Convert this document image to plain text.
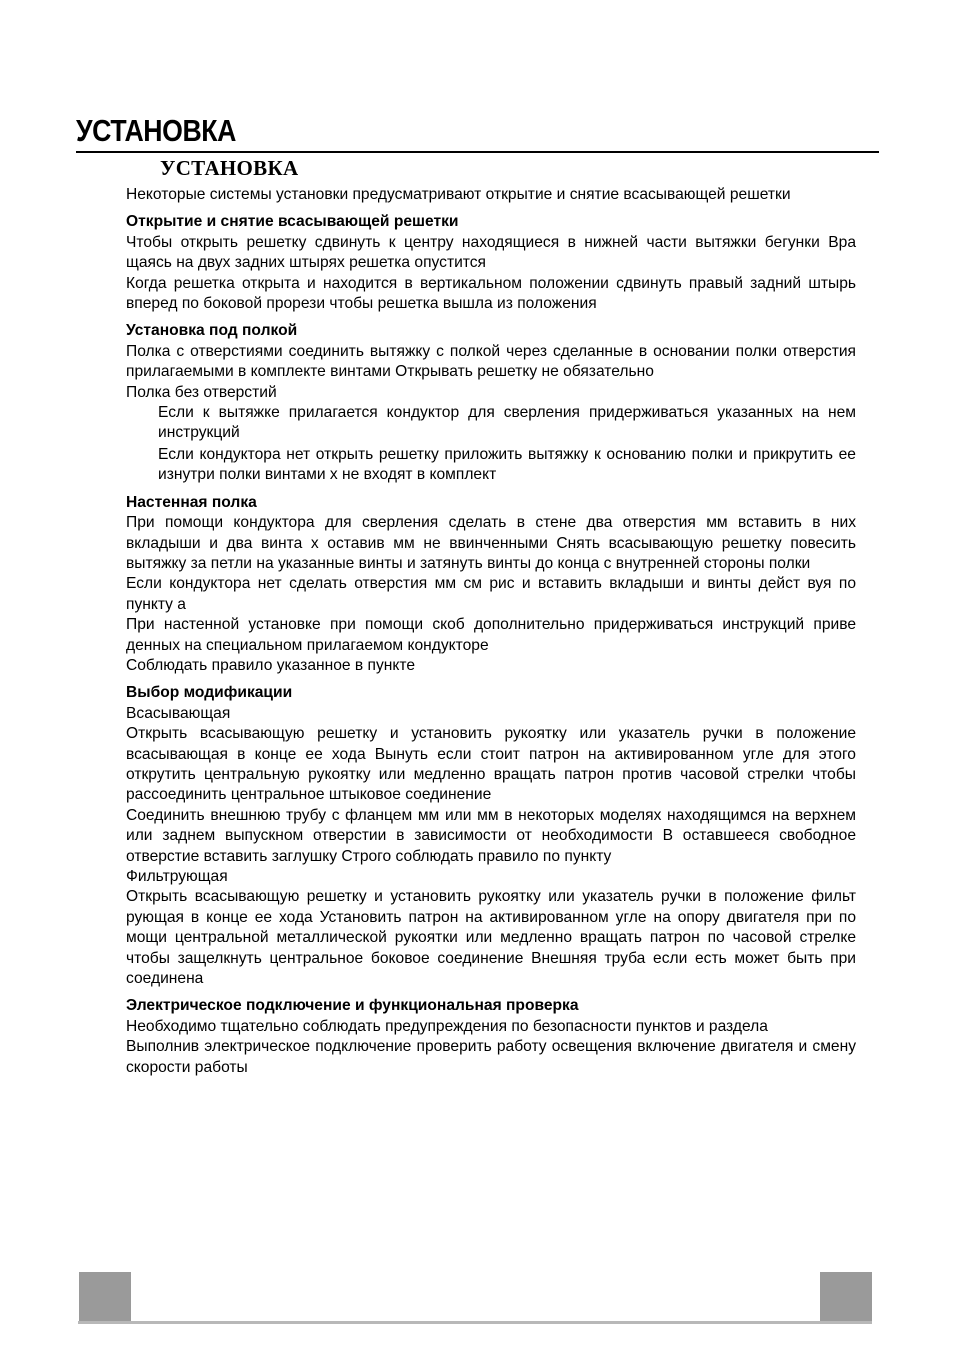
УСТАНОВКА
УСТАНОВКА

Некоторые системы установки предусматривают открытие и снятие всасывающей решетки

Открытие и снятие всасывающей решетки

Чтобы открыть решетку сдвинуть к центру находящиеся в нижней части вытяжки бегунки Вра щаясь на двух задних штырях решетка опустится

Когда решетка открыта и находится в вертикальном положении сдвинуть правый задний штырь вперед по боковой прорези чтобы решетка вышла из положения

Установка под полкой

Полка с отверстиями соединить вытяжку с полкой через сделанные в основании полки отверстия прилагаемыми в комплекте винтами Открывать решетку не обязательно

Полка без отверстий

Если к вытяжке прилагается кондуктор для сверления придерживаться указанных на нем инструкций

Если кондуктора нет открыть решетку приложить вытяжку к основанию полки и прикрутить ее изнутри полки винтами х не входят в комплект

Настенная полка

При помощи кондуктора для сверления сделать в стене два отверстия мм вставить в них вкладыши и два винта х оставив мм не ввинченными Снять всасывающую решетку повесить вытяжку за петли на указанные винты и затянуть винты до конца с внутренней стороны полки

Если кондуктора нет сделать отверстия мм см рис и вставить вкладыши и винты дейст вуя по пункту а

При настенной установке при помощи скоб дополнительно придерживаться инструкций приве денных на специальном прилагаемом кондукторе

Соблюдать правило указанное в пункте

Выбор модификации

Всасывающая

Открыть всасывающую решетку и установить рукоятку или указатель ручки в положение всасывающая в конце ее хода Вынуть если стоит патрон на активированном угле для этого открутить центральную рукоятку или медленно вращать патрон против часовой стрелки чтобы рассоединить центральное штыковое соединение

Соединить внешнюю трубу с фланцем мм или мм в некоторых моделях находящимся на верхнем или заднем выпускном отверстии в зависимости от необходимости В оставшееся свободное отверстие вставить заглушку Строго соблюдать правило по пункту

Фильтрующая

Открыть всасывающую решетку и установить рукоятку или указатель ручки в положение фильт рующая в конце ее хода Установить патрон на активированном угле на опору двигателя при по мощи центральной металлической рукоятки или медленно вращать патрон по часовой стрелке чтобы защелкнуть центральное боковое соединение Внешняя труба если есть может быть при соединена

Электрическое подключение и функциональная проверка

Необходимо тщательно соблюдать предупреждения по безопасности пунктов и раздела

Выполнив электрическое подключение проверить работу освещения включение двигателя и смену скорости работы
